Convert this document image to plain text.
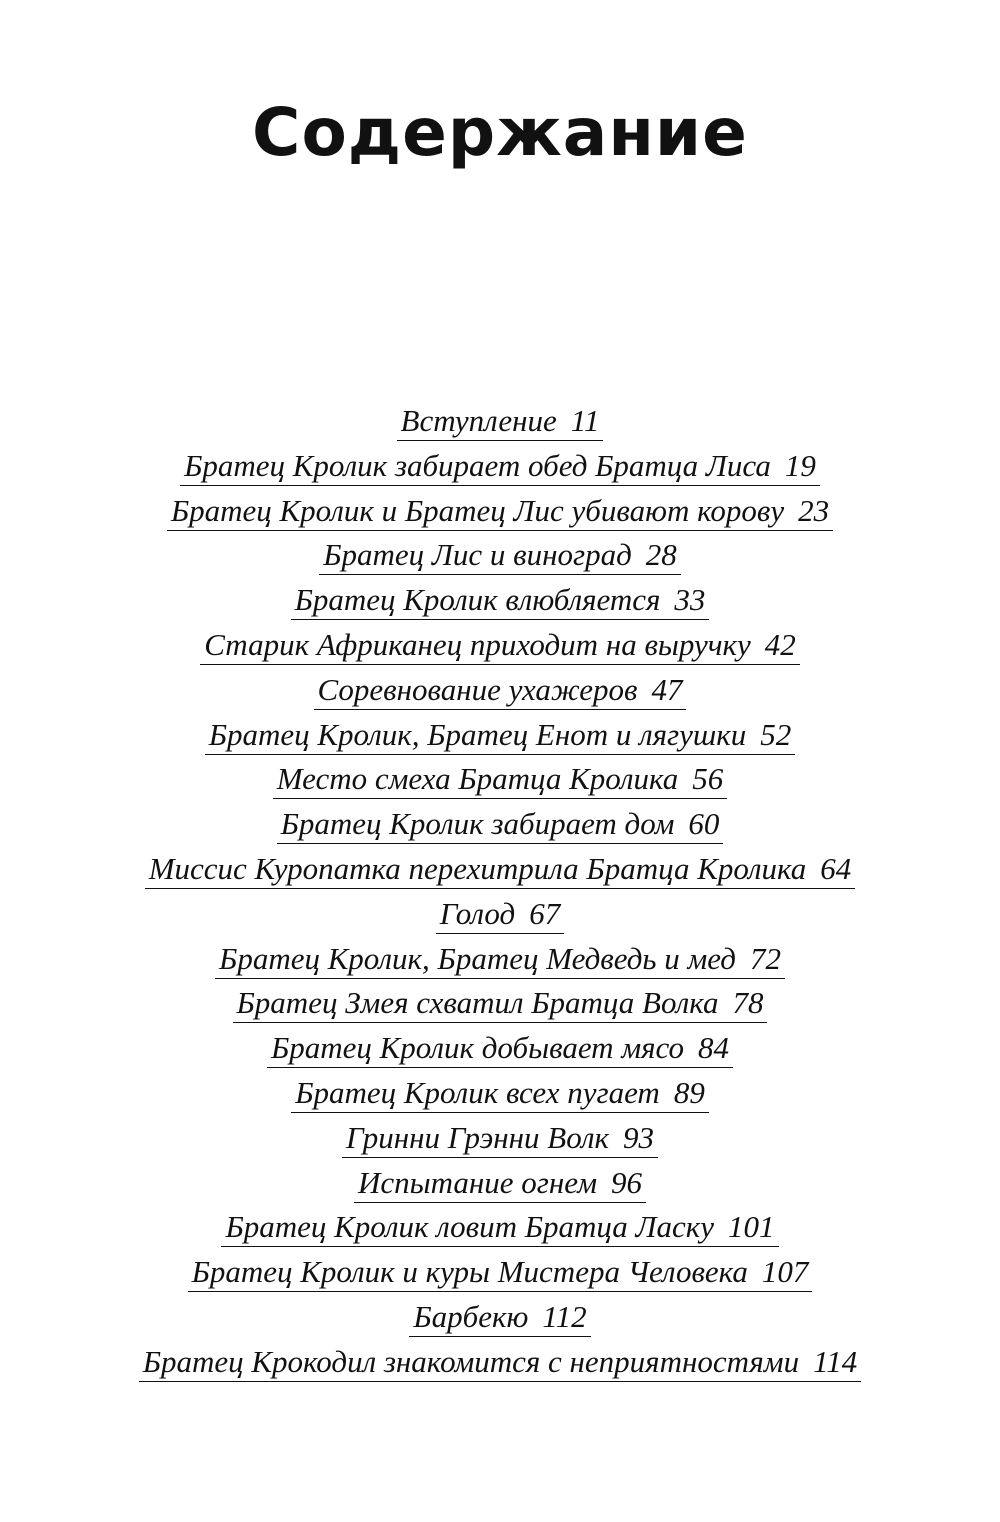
Содержание
Вступление 11
Братец Кролик забирает обед Братца Лиса 19
Братец Кролик и Братец Лис убивают корову 23
Братец Лис и виноград 28
Братец Кролик влюбляется 33
Старик Африканец приходит на выручку 42
Соревнование ухажеров 47
Братец Кролик, Братец Енот и лягушки 52
Место смеха Братца Кролика 56
Братец Кролик забирает дом 60
Миссис Куропатка перехитрила Братца Кролика 64
Голод 67
Братец Кролик, Братец Медведь и мед 72
Братец Змея схватил Братца Волка 78
Братец Кролик добывает мясо 84
Братец Кролик всех пугает 89
Гринни Грэнни Волк 93
Испытание огнем 96
Братец Кролик ловит Братца Ласку 101
Братец Кролик и куры Мистера Человека 107
Барбекю 112
Братец Крокодил знакомится с неприятностями 114
